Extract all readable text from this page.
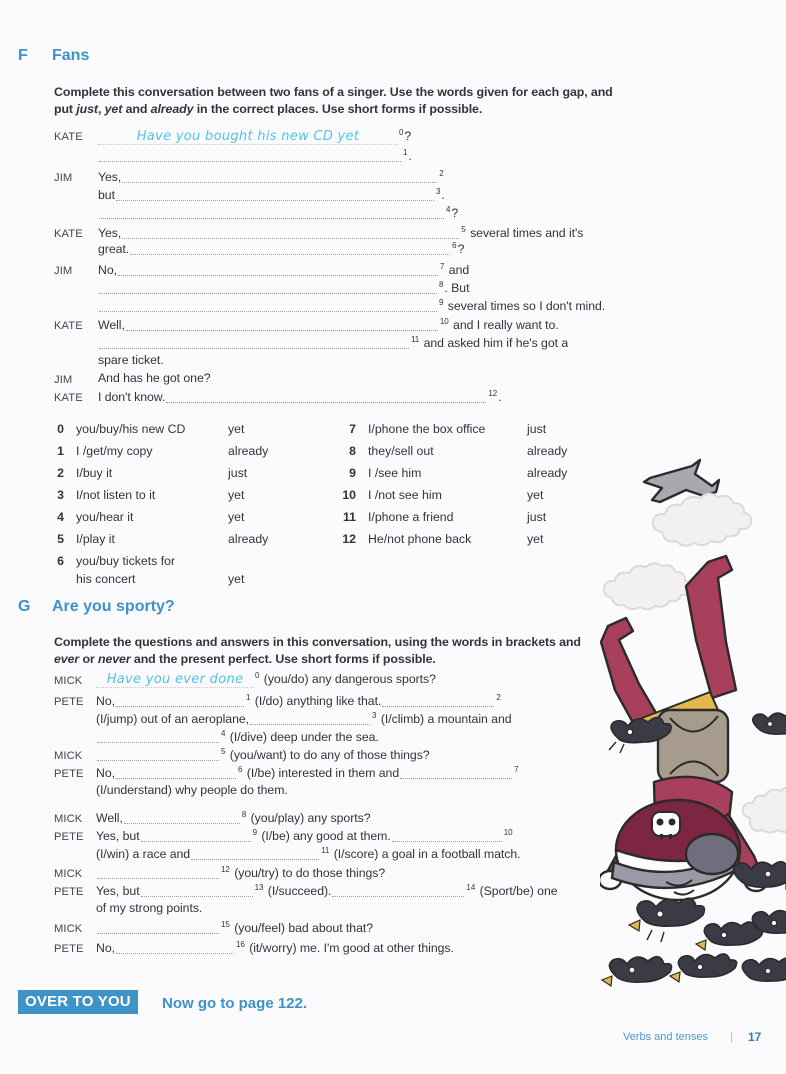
F Fans
Complete this conversation between two fans of a singer. Use the words given for each gap, and put just, yet and already in the correct places. Use short forms if possible.
KATE	Have you bought his new CD yet	$^0$?
$^1$.
JIM Yes,	$^2$
but	$^3$.
$^4$?
KATE Yes,	$^5$ several times and it's
great.	$^6$?
JIM No,	$^7$ and
$^8$. But
$^9$ several times so I don't mind.
KATE Well,	$^{10}$ and I really want to.
$^{11}$ and asked him if he's got a
spare ticket.
JIM And has he got one?
KATE I don't know.	$^{12}$.
0 you/buy/his new CD	yet
1 I /get/my copy	already
2 I/buy it	just
3 I/not listen to it	yet
4 you/hear it	yet
5 I/play it	already
6 you/buy tickets for
his concert	yet
7 I/phone the box office	just
8 they/sell out	already
9 I /see him	already
10 I /not see him	yet
11 I/phone a friend	just
12 He/not phone back	yet
G Are you sporty?
Complete the questions and answers in this conversation, using the words in brackets and ever or never and the present perfect. Use short forms if possible.
MICK	Have you ever done $^0$ (you/do) any dangerous sports?
PETE No,	$^1$ (I/do) anything like that.	$^2$
(I/jump) out of an aeroplane,	$^3$ (I/climb) a mountain and
$^4$ (I/dive) deep under the sea.
MICK	$^5$ (you/want) to do any of those things?
PETE No,	$^6$ (I/be) interested in them and	$^7$
(I/understand) why people do them.
MICK Well,	$^8$ (you/play) any sports?
PETE Yes, but	$^9$ (I/be) any good at them.	$^{10}$
(I/win) a race and	$^{11}$ (I/score) a goal in a football match.
MICK	$^{12}$ (you/try) to do those things?
PETE Yes, but	$^{13}$ (I/succeed).	$^{14}$ (Sport/be) one
of my strong points.
MICK	$^{15}$ (you/feel) bad about that?
PETE No,	$^{16}$ (it/worry) me. I'm good at other things.
OVER TO YOU	Now go to page 122.
Verbs and tenses | 17
